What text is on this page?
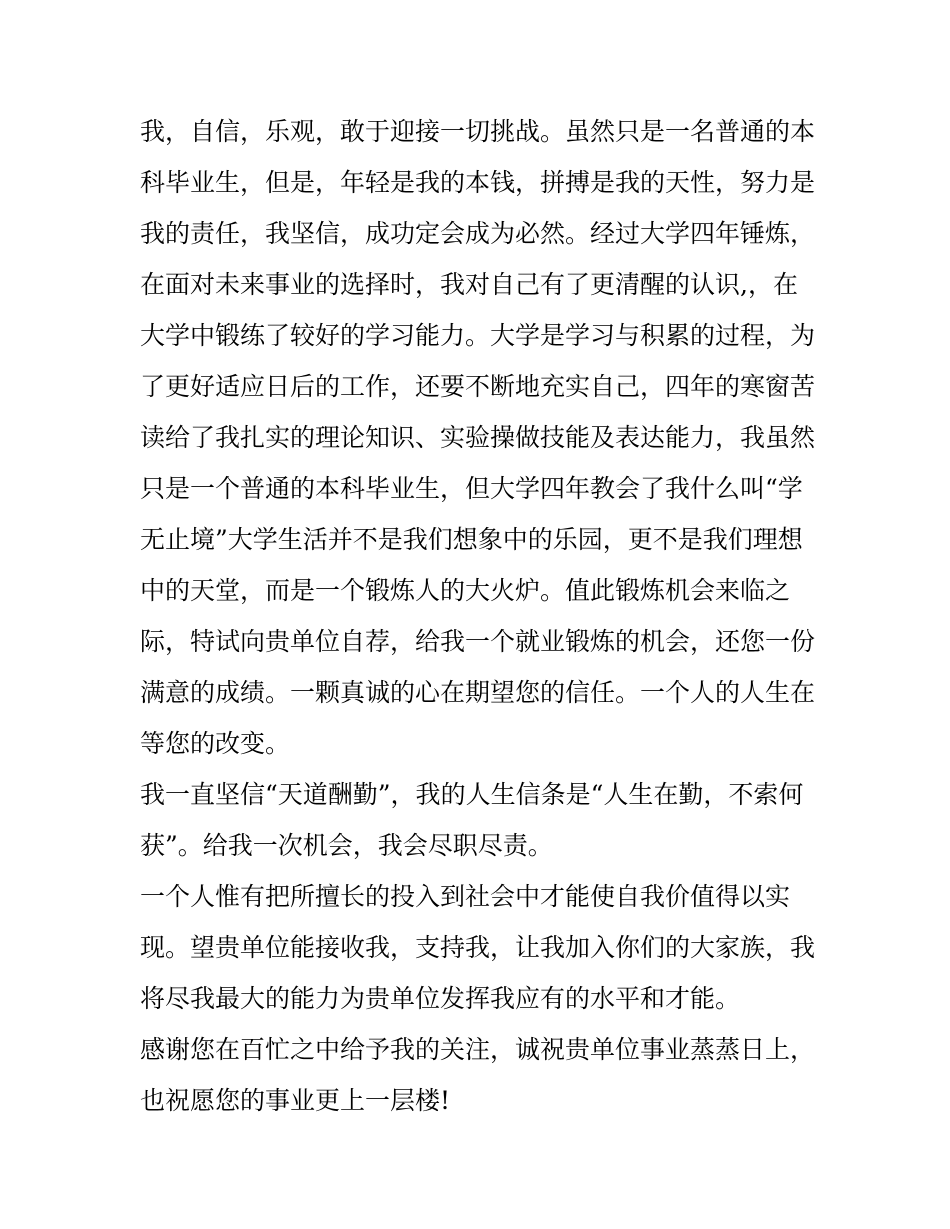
我，自信，乐观，敢于迎接一切挑战。虽然只是一名普通的本
科毕业生，但是，年轻是我的本钱，拼搏是我的天性，努力是
我的责任，我坚信，成功定会成为必然。经过大学四年锤炼，
在面对未来事业的选择时，我对自己有了更清醒的认识,，在
大学中锻练了较好的学习能力。大学是学习与积累的过程，为
了更好适应日后的工作，还要不断地充实自己，四年的寒窗苦
读给了我扎实的理论知识、实验操做技能及表达能力，我虽然
只是一个普通的本科毕业生，但大学四年教会了我什么叫“学
无止境”大学生活并不是我们想象中的乐园，更不是我们理想
中的天堂，而是一个锻炼人的大火炉。值此锻炼机会来临之
际，特试向贵单位自荐，给我一个就业锻炼的机会，还您一份
满意的成绩。一颗真诚的心在期望您的信任。一个人的人生在
等您的改变。
我一直坚信“天道酬勤”，我的人生信条是“人生在勤，不索何
获”。给我一次机会，我会尽职尽责。
一个人惟有把所擅长的投入到社会中才能使自我价值得以实
现。望贵单位能接收我，支持我，让我加入你们的大家族，我
将尽我最大的能力为贵单位发挥我应有的水平和才能。
感谢您在百忙之中给予我的关注，诚祝贵单位事业蒸蒸日上，
也祝愿您的事业更上一层楼!
